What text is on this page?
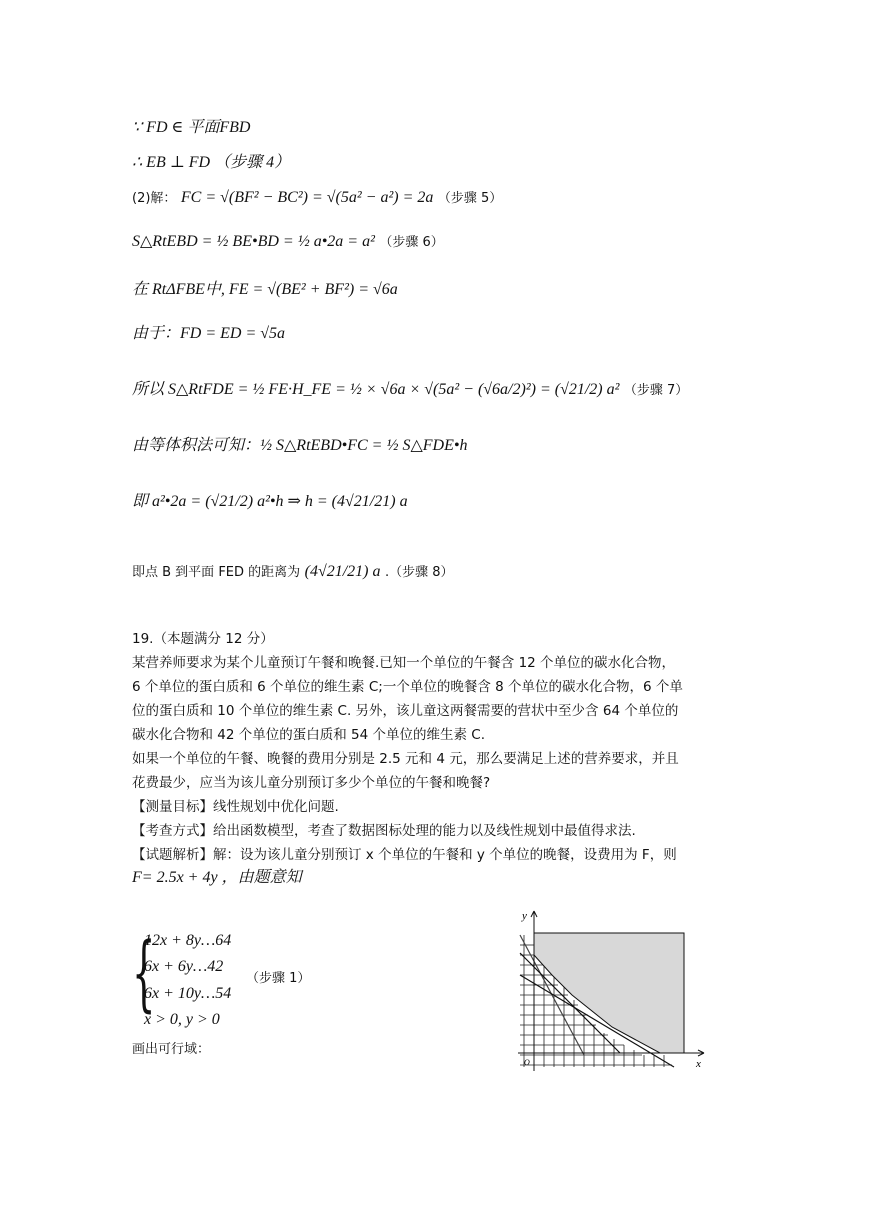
∵ FD ∈ 平面FBD
∴ EB ⊥ FD （步骤 4）
(2)解： FC = √(BF² − BC²) = √(5a² − a²) = 2a （步骤 5）
S△RtEBD = ½ BE•BD = ½ a•2a = a² （步骤 6）
在 RtΔFBE中, FE = √(BE² + BF²) = √6a
由于：FD = ED = √5a
所以 S△RtFDE = ½ FE·H_FE = ½ × √6a × √(5a² − (√6a/2)²) = (√21/2) a² （步骤 7）
由等体积法可知：½ S△RtEBD•FC = ½ S△FDE•h
即 a²•2a = (√21/2) a²•h ⇒ h = (4√21/21) a
即点 B 到平面 FED 的距离为 (4√21/21) a .（步骤 8）
19.（本题满分 12 分）
某营养师要求为某个儿童预订午餐和晚餐.已知一个单位的午餐含 12 个单位的碳水化合物，
6 个单位的蛋白质和 6 个单位的维生素 C;一个单位的晚餐含 8 个单位的碳水化合物，6 个单
位的蛋白质和 10 个单位的维生素 C. 另外，该儿童这两餐需要的营状中至少含 64 个单位的
碳水化合物和 42 个单位的蛋白质和 54 个单位的维生素 C.
如果一个单位的午餐、晚餐的费用分别是 2.5 元和 4 元，那么要满足上述的营养要求，并且
花费最少，应当为该儿童分别预订多少个单位的午餐和晚餐?
【测量目标】线性规划中优化问题.
【考查方式】给出函数模型，考查了数据图标处理的能力以及线性规划中最值得求法.
【试题解析】解：设为该儿童分别预订 x 个单位的午餐和 y 个单位的晚餐，设费用为 F，则
F= 2.5x + 4y ，由题意知
{
12x + 8y…64
6x + 6y…42
6x + 10y…54
x > 0, y > 0
（步骤 1）
画出可行域：
y
x
O
